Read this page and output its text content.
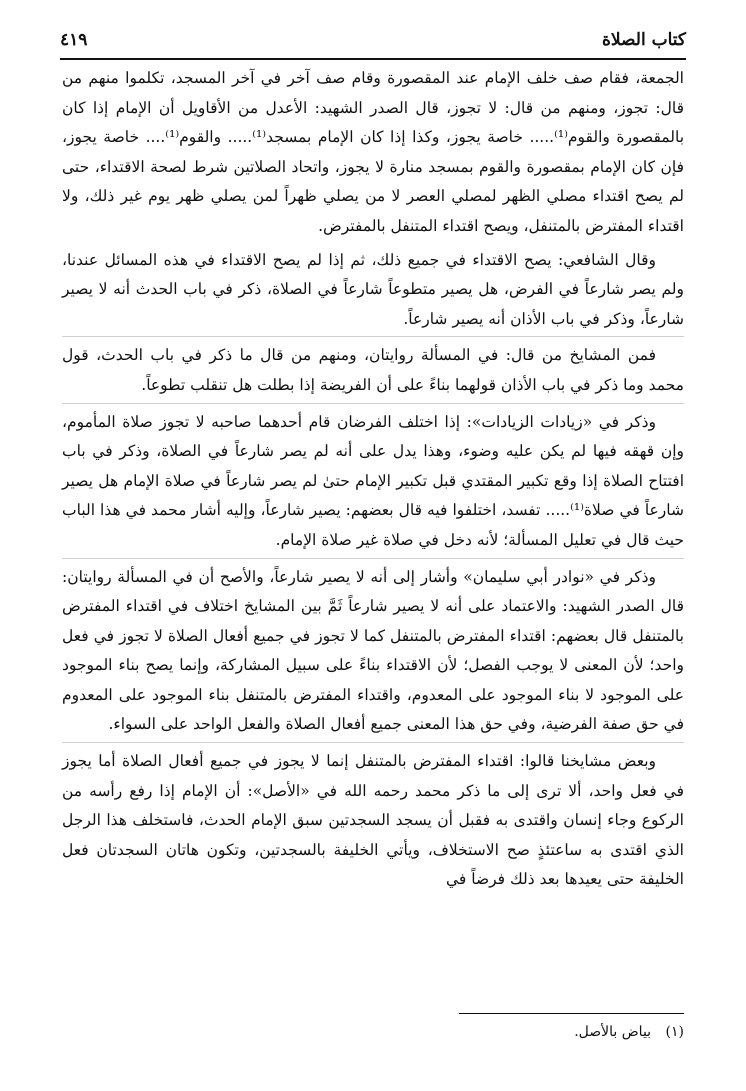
كتاب الصلاة
٤١٩

الجمعة، فقام صف خلف الإمام عند المقصورة وقام صف آخر في آخر المسجد، تكلموا منهم من قال: تجوز، ومنهم من قال: لا تجوز، قال الصدر الشهيد: الأعدل من الأقاويل أن الإمام إذا كان بالمقصورة والقوم⁽¹⁾..... خاصة يجوز، وكذا إذا كان الإمام بمسجد⁽¹⁾..... والقوم⁽¹⁾.... خاصة يجوز، فإن كان الإمام بمقصورة والقوم بمسجد منارة لا يجوز، واتحاد الصلاتين شرط لصحة الاقتداء، حتى لم يصح اقتداء مصلي الظهر لمصلي العصر لا من يصلي ظهراً لمن يصلي ظهر يوم غير ذلك، ولا اقتداء المفترض بالمتنفل، ويصح اقتداء المتنفل بالمفترض.

وقال الشافعي: يصح الاقتداء في جميع ذلك، ثم إذا لم يصح الاقتداء في هذه المسائل عندنا، ولم يصر شارعاً في الفرض، هل يصير متطوعاً شارعاً في الصلاة، ذكر في باب الحدث أنه لا يصير شارعاً، وذكر في باب الأذان أنه يصير شارعاً.

فمن المشايخ من قال: في المسألة روايتان، ومنهم من قال ما ذكر في باب الحدث، قول محمد وما ذكر في باب الأذان قولهما بناءً على أن الفريضة إذا بطلت هل تنقلب تطوعاً.

وذكر في «زيادات الزيادات»: إذا اختلف الفرضان قام أحدهما صاحبه لا تجوز صلاة المأموم، وإن قهقه فيها لم يكن عليه وضوء، وهذا يدل على أنه لم يصر شارعاً في الصلاة، وذكر في باب افتتاح الصلاة إذا وقع تكبير المقتدي قبل تكبير الإمام حتىٰ لم يصر شارعاً في صلاة الإمام هل يصير شارعاً في صلاة⁽¹⁾..... تفسد، اختلفوا فيه قال بعضهم: يصير شارعاً، وإليه أشار محمد في هذا الباب حيث قال في تعليل المسألة؛ لأنه دخل في صلاة غير صلاة الإمام.

وذكر في «نوادر أبي سليمان» وأشار إلى أنه لا يصير شارعاً، والأصح أن في المسألة روايتان: قال الصدر الشهيد: والاعتماد على أنه لا يصير شارعاً ثَمَّ بين المشايخ اختلاف في اقتداء المفترض بالمتنفل قال بعضهم: اقتداء المفترض بالمتنفل كما لا تجوز في جميع أفعال الصلاة لا تجوز في فعل واحد؛ لأن المعنى لا يوجب الفصل؛ لأن الاقتداء بناءً على سبيل المشاركة، وإنما يصح بناء الموجود على الموجود لا بناء الموجود على المعدوم، واقتداء المفترض بالمتنفل بناء الموجود على المعدوم في حق صفة الفرضية، وفي حق هذا المعنى جميع أفعال الصلاة والفعل الواحد على السواء.

وبعض مشايخنا قالوا: اقتداء المفترض بالمتنفل إنما لا يجوز في جميع أفعال الصلاة أما يجوز في فعل واحد، ألا ترى إلى ما ذكر محمد رحمه الله في «الأصل»: أن الإمام إذا رفع رأسه من الركوع وجاء إنسان واقتدى به فقبل أن يسجد السجدتين سبق الإمام الحدث، فاستخلف هذا الرجل الذي اقتدى به ساعتئذٍ صح الاستخلاف، ويأتي الخليفة بالسجدتين، وتكون هاتان السجدتان فعل الخليفة حتى يعيدها بعد ذلك فرضاً في

(١) بياض بالأصل.
